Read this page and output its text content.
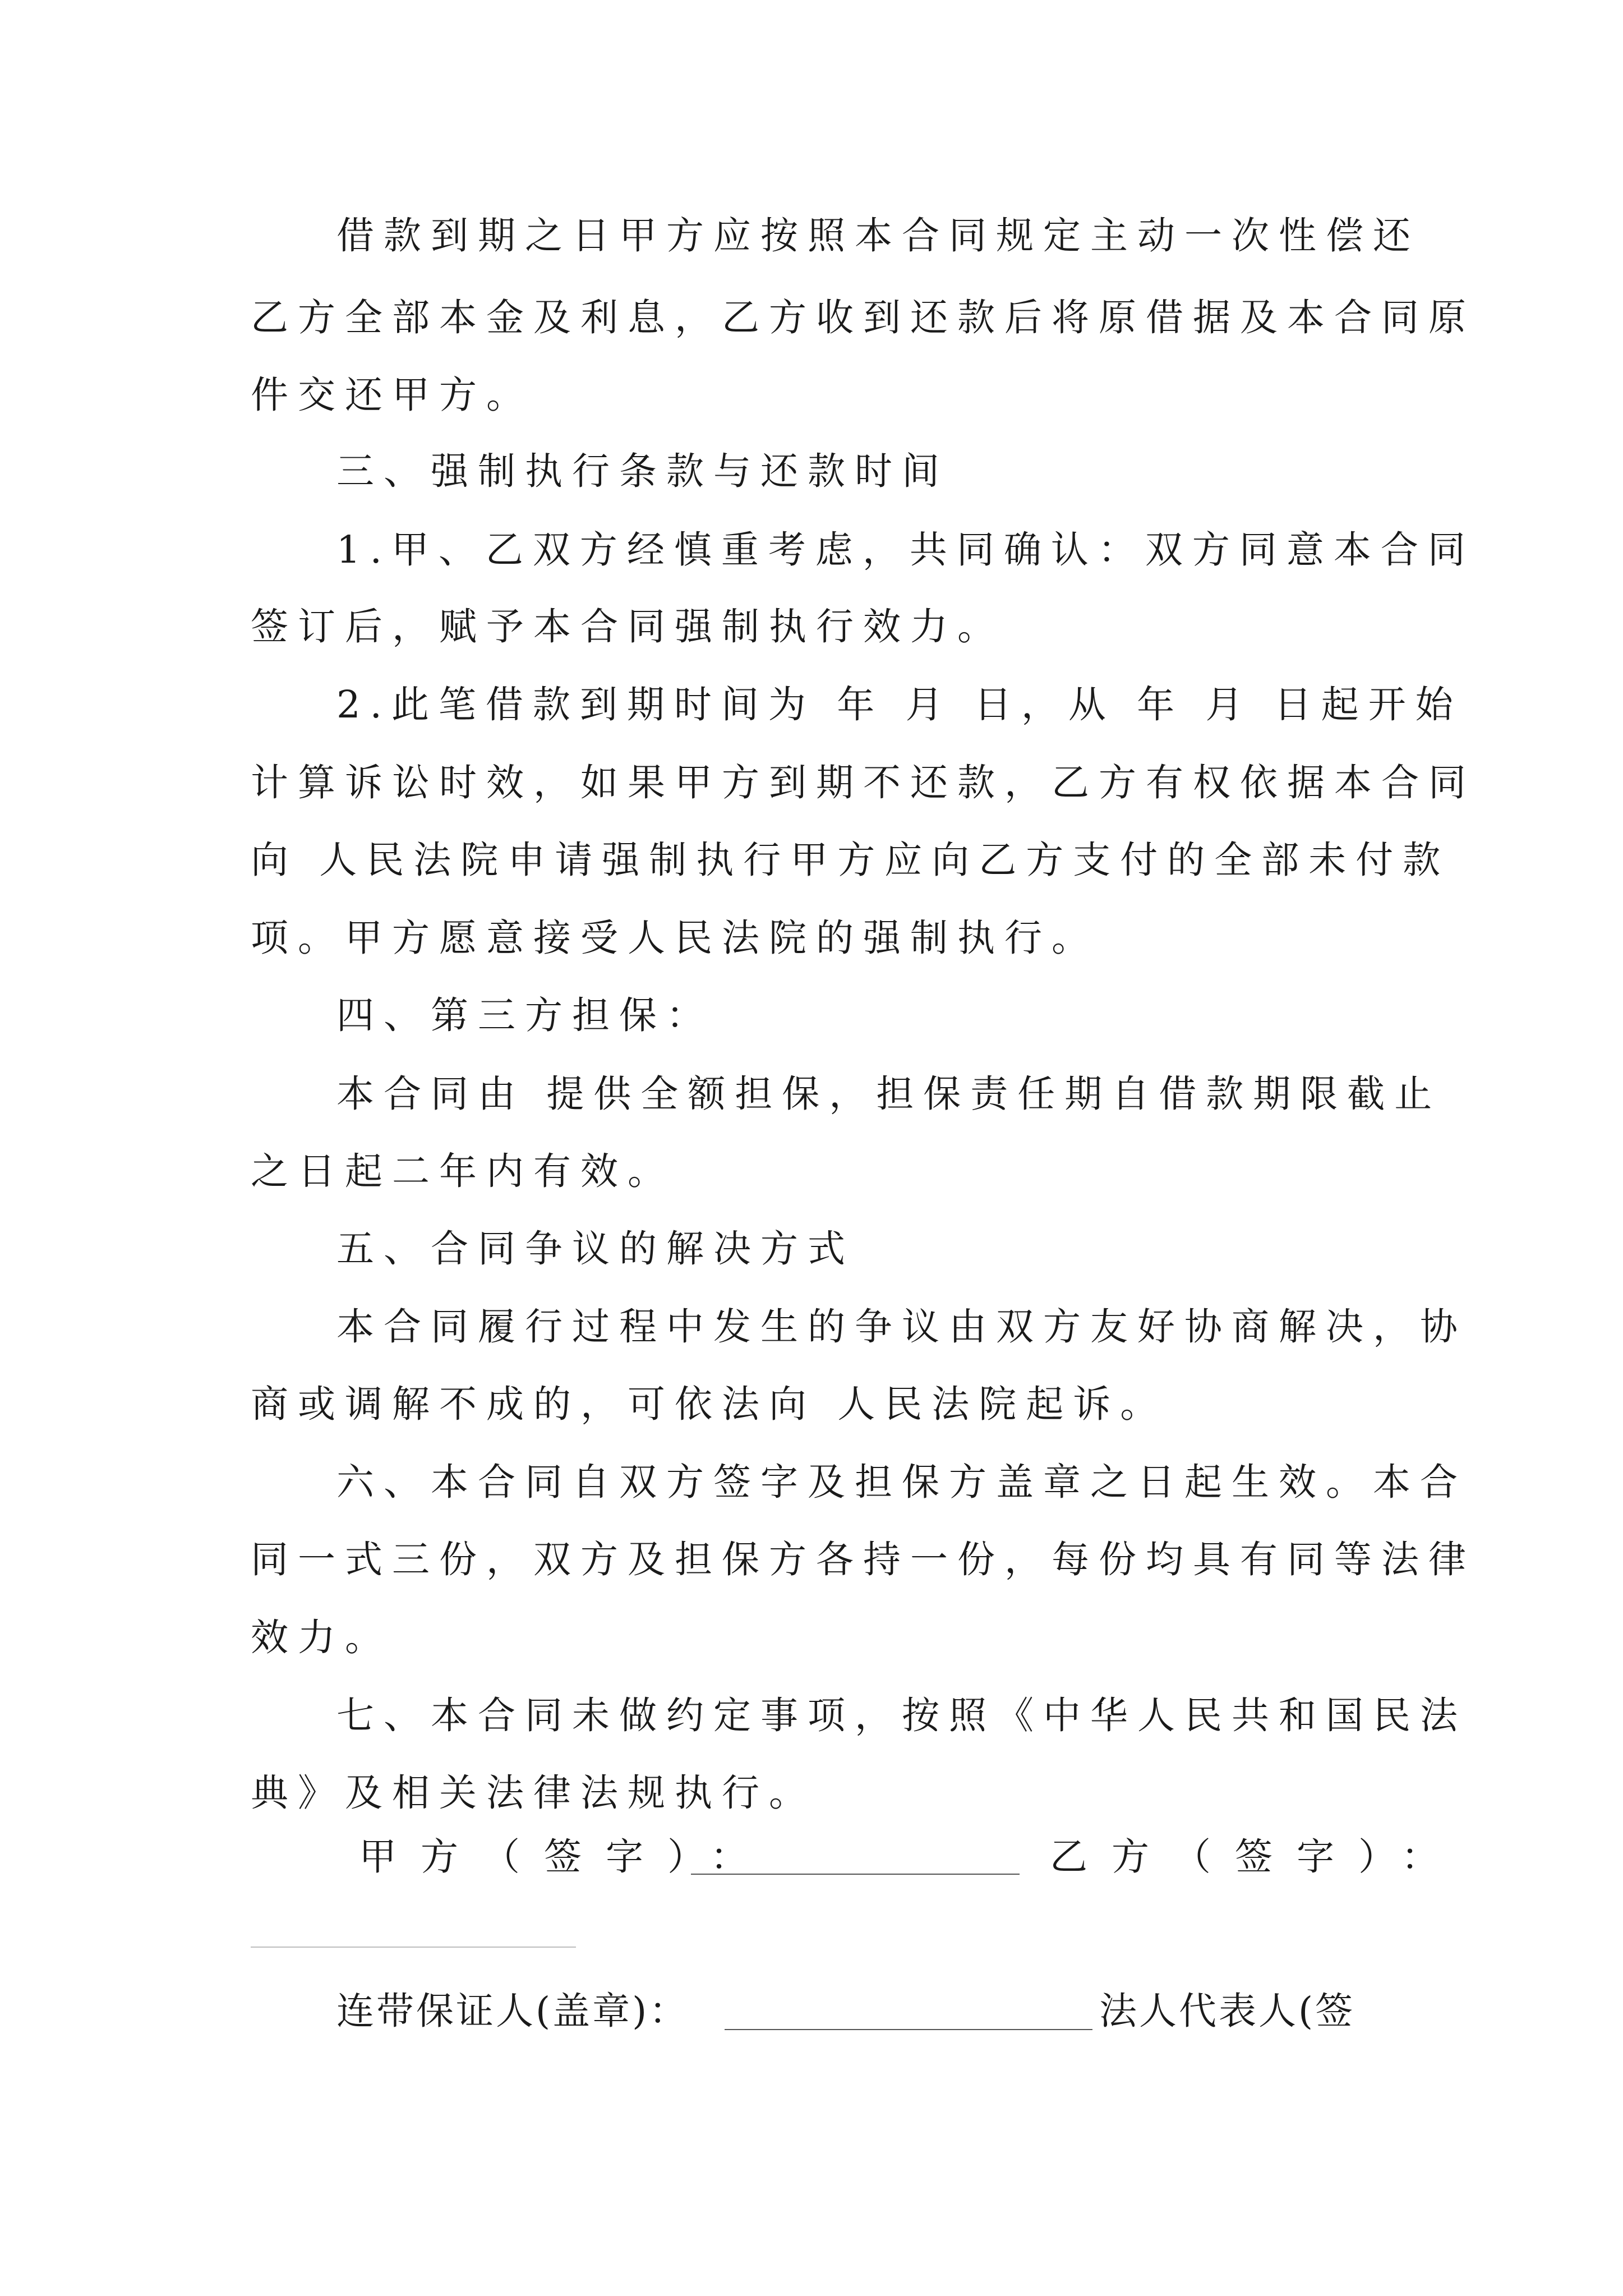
借款到期之日甲方应按照本合同规定主动一次性偿还
乙方全部本金及利息，乙方收到还款后将原借据及本合同原
件交还甲方。
三、强制执行条款与还款时间
1.甲、乙双方经慎重考虑，共同确认：双方同意本合同
签订后，赋予本合同强制执行效力。
2.此笔借款到期时间为 年 月 日，从 年 月 日起开始
计算诉讼时效，如果甲方到期不还款，乙方有权依据本合同
向 人民法院申请强制执行甲方应向乙方支付的全部未付款
项。甲方愿意接受人民法院的强制执行。
四、第三方担保：
本合同由 提供全额担保，担保责任期自借款期限截止
之日起二年内有效。
五、合同争议的解决方式
本合同履行过程中发生的争议由双方友好协商解决，协
商或调解不成的，可依法向 人民法院起诉。
六、本合同自双方签字及担保方盖章之日起生效。本合
同一式三份，双方及担保方各持一份，每份均具有同等法律
效力。
七、本合同未做约定事项，按照《中华人民共和国民法
典》及相关法律法规执行。
甲方（签字）：	乙方（签字）：
连带保证人(盖章)：	法人代表人(签
